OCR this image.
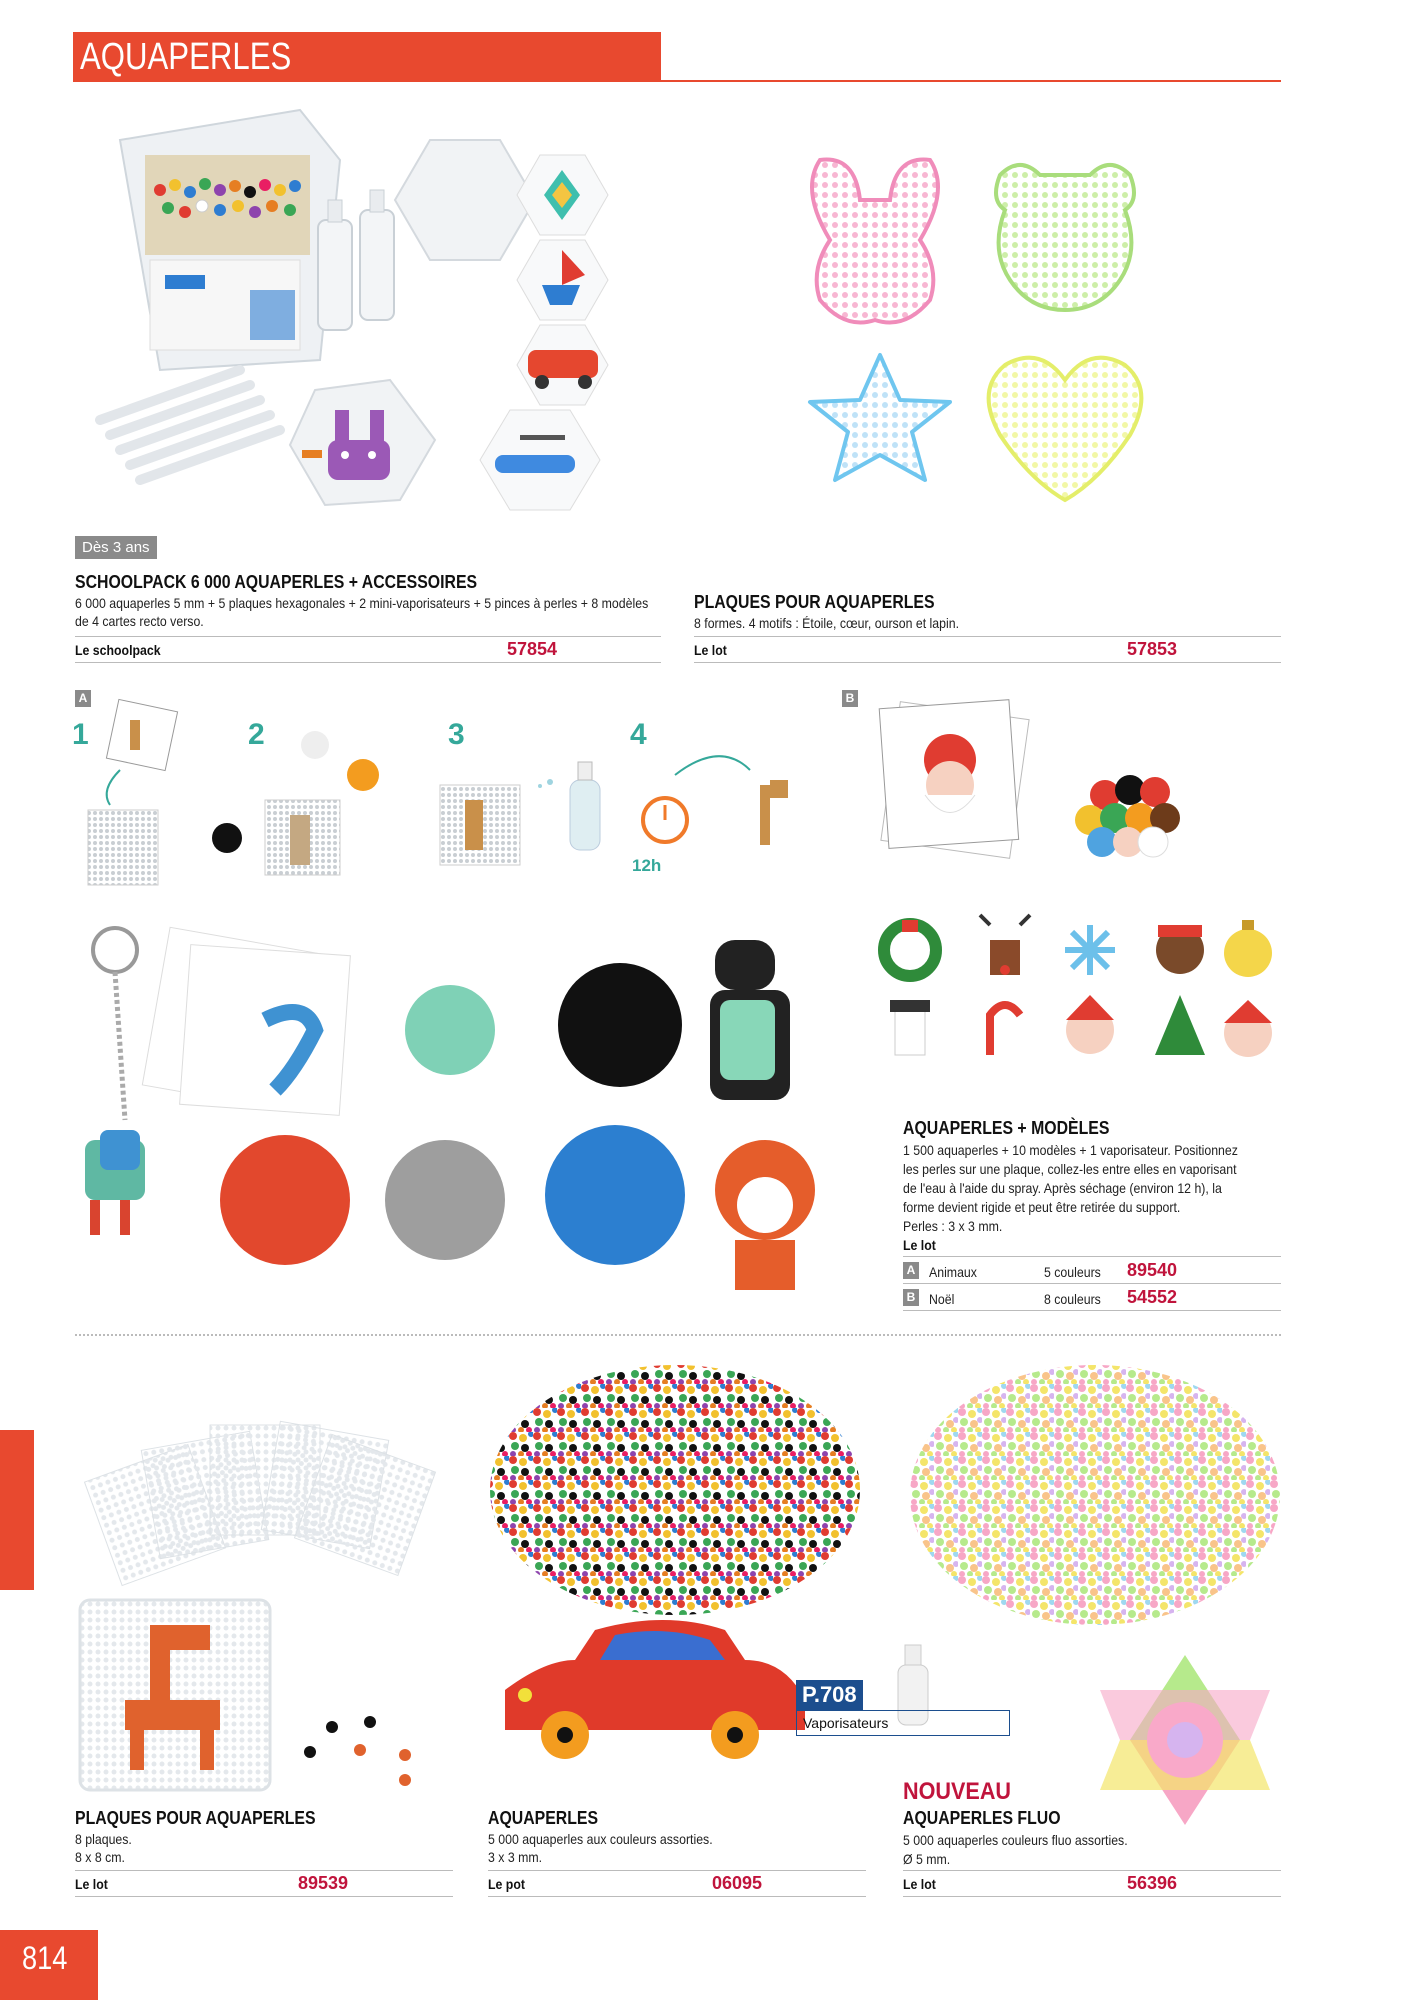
AQUAPERLES
Dès 3 ans
SCHOOLPACK 6 000 AQUAPERLES + ACCESSOIRES
6 000 aquaperles 5 mm + 5 plaques hexagonales + 2 mini-vaporisateurs + 5 pinces à perles + 8 modèles de 4 cartes recto verso.
Le schoolpack	57854
PLAQUES POUR AQUAPERLES
8 formes. 4 motifs : Étoile, cœur, ourson et lapin.
Le lot	57853
A	B
1	2	3	4
12h
AQUAPERLES + MODÈLES
1 500 aquaperles + 10 modèles + 1 vaporisateur. Positionnez
les perles sur une plaque, collez-les entre elles en vaporisant
de l'eau à l'aide du spray. Après séchage (environ 12 h), la
forme devient rigide et peut être retirée du support.
Perles : 3 x 3 mm.
Le lot
A Animaux	5 couleurs 89540
B Noël	8 couleurs 54552
P.708
Vaporisateurs
PLAQUES POUR AQUAPERLES
8 plaques.
8 x 8 cm.
Le lot	89539
AQUAPERLES
5 000 aquaperles aux couleurs assorties.
3 x 3 mm.
Le pot	06095
NOUVEAU
AQUAPERLES FLUO
5 000 aquaperles couleurs fluo assorties.
Ø 5 mm.
Le lot	56396
814
